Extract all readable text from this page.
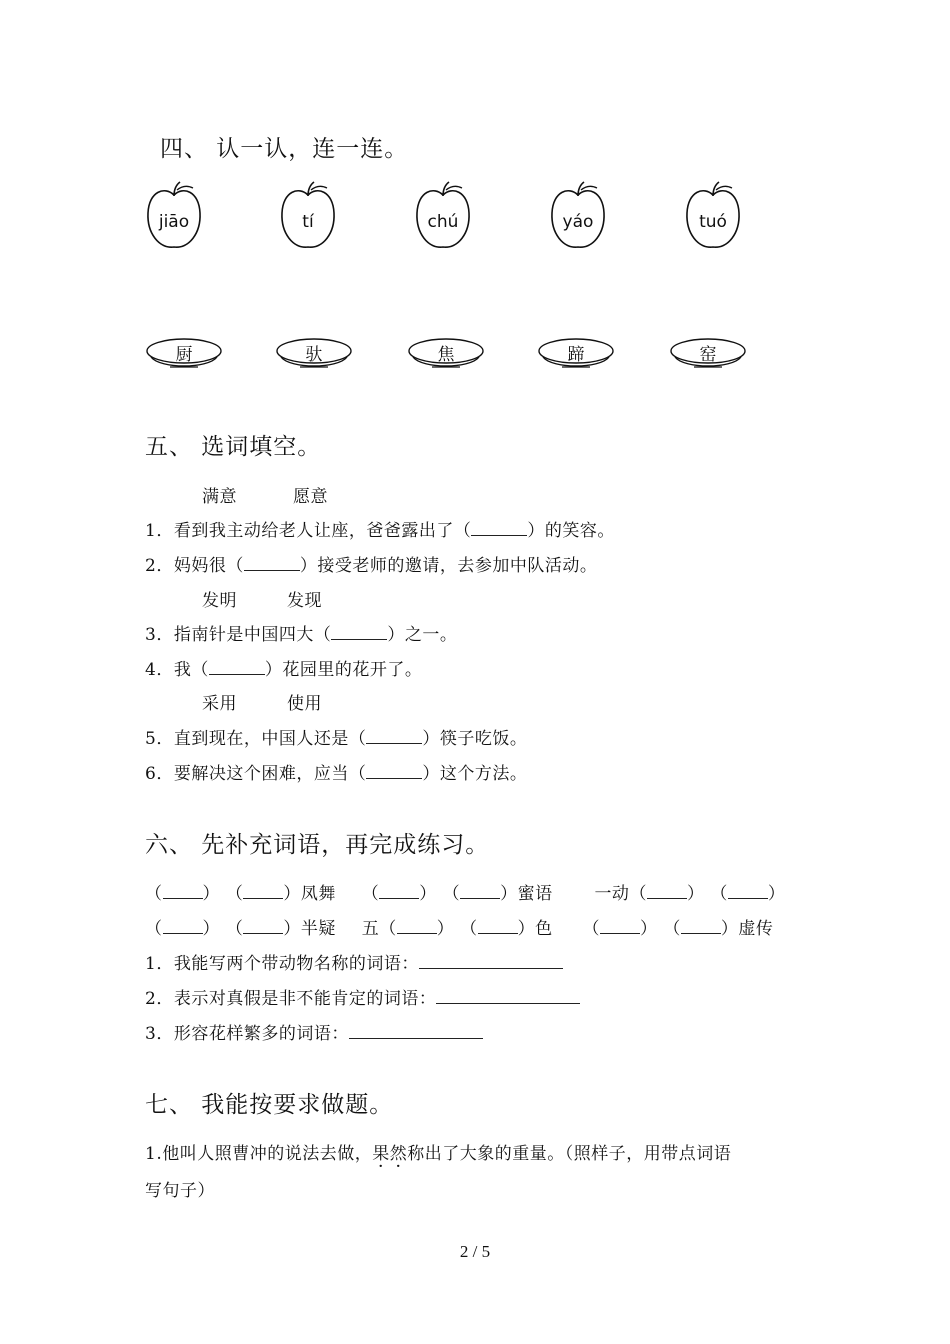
四、 认一认，连一连。
jiāo	tí	chú	yáo	tuó
厨	驮	焦	蹄	窑
五、 选词填空。
满意	愿意
1．看到我主动给老人让座，爸爸露出了（	）的笑容。
2．妈妈很（	）接受老师的邀请，去参加中队活动。
发明	发现
3．指南针是中国四大（	）之一。
4．我（	）花园里的花开了。
采用	使用
5．直到现在，中国人还是（	）筷子吃饭。
6．要解决这个困难，应当（	）这个方法。
六、 先补充词语，再完成练习。
（ ） （ ）凤舞 （ ） （ ）蜜语 一动（ ） （ ）
（ ） （ ）半疑 五（ ） （ ）色 （ ） （ ）虚传
1．我能写两个带动物名称的词语：
2．表示对真假是非不能肯定的词语：
3．形容花样繁多的词语：
七、 我能按要求做题。
1.他叫人照曹冲的说法去做，果然称出了大象的重量。（照样子，用带点词语
写句子）
2 / 5
